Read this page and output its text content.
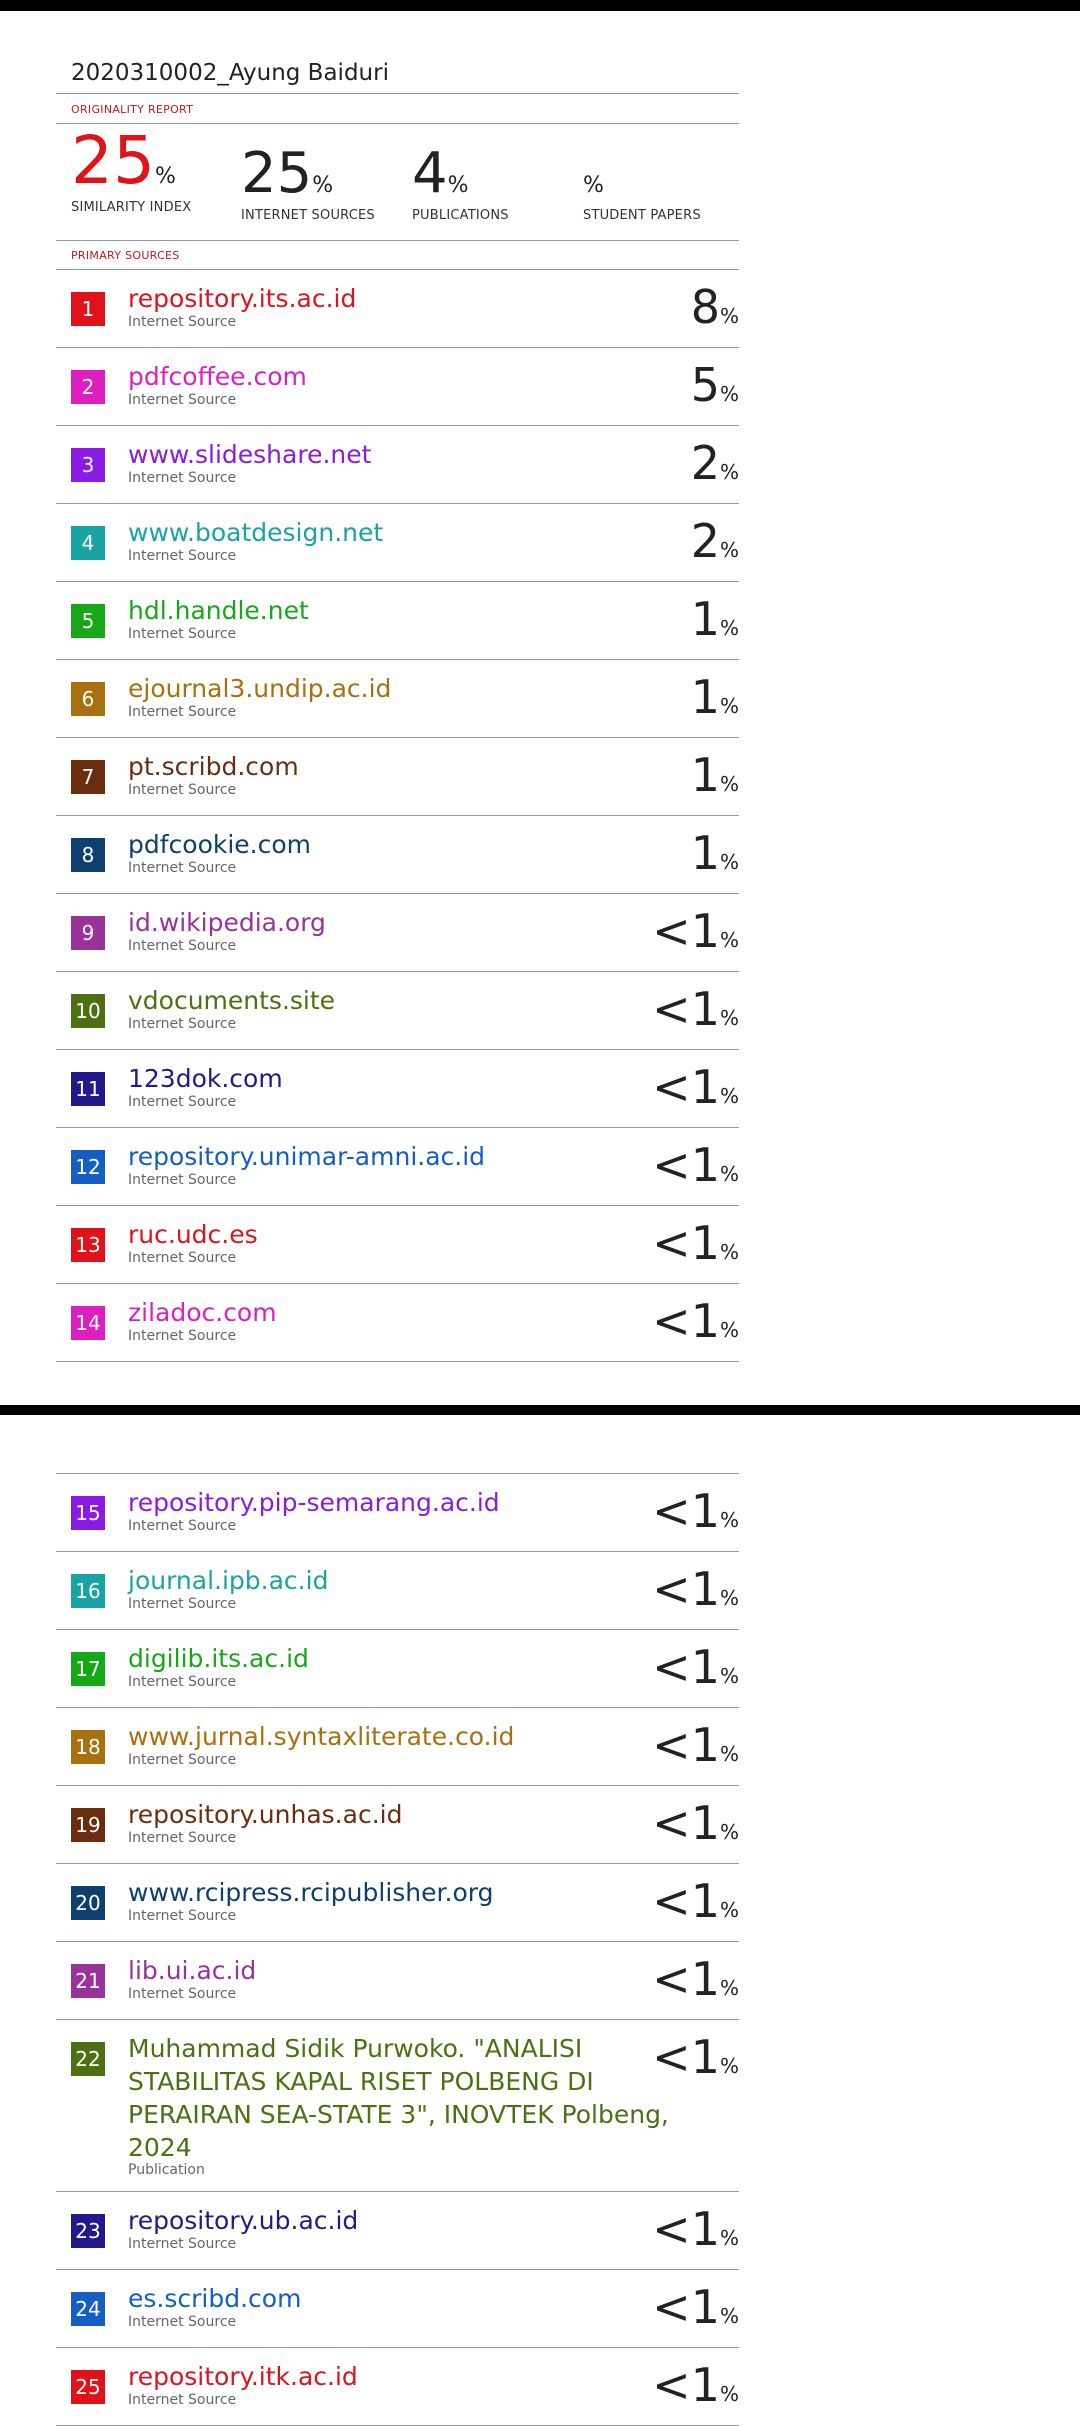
2020310002_Ayung Baiduri
ORIGINALITY REPORT
25%
SIMILARITY INDEX
25%
INTERNET SOURCES
4%
PUBLICATIONS
%
STUDENT PAPERS
PRIMARY SOURCES
1	repository.its.ac.id
Internet Source	8%
2	pdfcoffee.com
Internet Source	5%
3	www.slideshare.net
Internet Source	2%
4	www.boatdesign.net
Internet Source	2%
5	hdl.handle.net
Internet Source	1%
6	ejournal3.undip.ac.id
Internet Source	1%
7	pt.scribd.com
Internet Source	1%
8	pdfcookie.com
Internet Source	1%
9	id.wikipedia.org
Internet Source	<1%
10 vdocuments.site
Internet Source	<1%
11 123dok.com
Internet Source	<1%
12 repository.unimar-amni.ac.id
Internet Source	<1%
13 ruc.udc.es
Internet Source	<1%
14 ziladoc.com
Internet Source	<1%
15 repository.pip-semarang.ac.id
Internet Source	<1%
16 journal.ipb.ac.id
Internet Source	<1%
17 digilib.its.ac.id
Internet Source	<1%
18 www.jurnal.syntaxliterate.co.id
Internet Source	<1%
19 repository.unhas.ac.id
Internet Source	<1%
20 www.rcipress.rcipublisher.org
Internet Source	<1%
21 lib.ui.ac.id
Internet Source	<1%
22 Muhammad Sidik Purwoko. "ANALISI STABILITAS KAPAL RISET POLBENG DI PERAIRAN SEA-STATE 3", INOVTEK Polbeng, 2024
Publication
<1%
23 repository.ub.ac.id
Internet Source	<1%
24 es.scribd.com
Internet Source	<1%
25 repository.itk.ac.id
Internet Source	<1%
